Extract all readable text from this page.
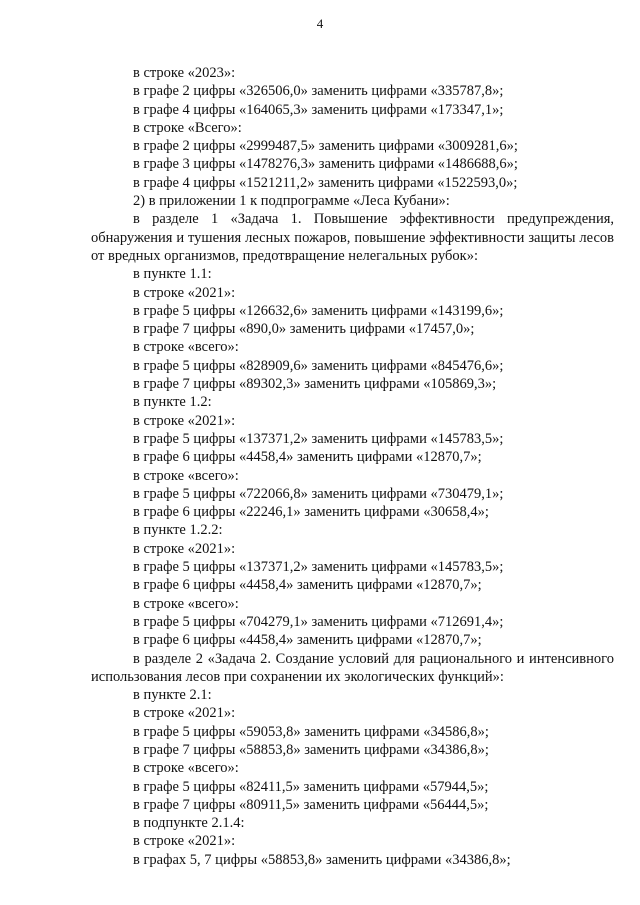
4
в строке «2023»:
в графе 2 цифры «326506,0» заменить цифрами «335787,8»;
в графе 4 цифры «164065,3» заменить цифрами «173347,1»;
в строке «Всего»:
в графе 2 цифры «2999487,5» заменить цифрами «3009281,6»;
в графе 3 цифры «1478276,3» заменить цифрами «1486688,6»;
в графе 4 цифры «1521211,2» заменить цифрами «1522593,0»;
2) в приложении 1 к подпрограмме «Леса Кубани»:
в разделе 1 «Задача 1. Повышение эффективности предупреждения, обнаружения и тушения лесных пожаров, повышение эффективности защиты лесов от вредных организмов, предотвращение нелегальных рубок»:
в пункте 1.1:
в строке «2021»:
в графе 5 цифры «126632,6» заменить цифрами «143199,6»;
в графе 7 цифры «890,0» заменить цифрами «17457,0»;
в строке «всего»:
в графе 5 цифры «828909,6» заменить цифрами «845476,6»;
в графе 7 цифры «89302,3» заменить цифрами «105869,3»;
в пункте 1.2:
в строке «2021»:
в графе 5 цифры «137371,2» заменить цифрами «145783,5»;
в графе 6 цифры «4458,4» заменить цифрами «12870,7»;
в строке «всего»:
в графе 5 цифры «722066,8» заменить цифрами «730479,1»;
в графе 6 цифры «22246,1» заменить цифрами «30658,4»;
в пункте 1.2.2:
в строке «2021»:
в графе 5 цифры «137371,2» заменить цифрами «145783,5»;
в графе 6 цифры «4458,4» заменить цифрами «12870,7»;
в строке «всего»:
в графе 5 цифры «704279,1» заменить цифрами «712691,4»;
в графе 6 цифры «4458,4» заменить цифрами «12870,7»;
в разделе 2 «Задача 2. Создание условий для рационального и интенсивного использования лесов при сохранении их экологических функций»:
в пункте 2.1:
в строке «2021»:
в графе 5 цифры «59053,8» заменить цифрами «34586,8»;
в графе 7 цифры «58853,8» заменить цифрами «34386,8»;
в строке «всего»:
в графе 5 цифры «82411,5» заменить цифрами «57944,5»;
в графе 7 цифры «80911,5» заменить цифрами «56444,5»;
в подпункте 2.1.4:
в строке «2021»:
в графах 5, 7 цифры «58853,8» заменить цифрами «34386,8»;
